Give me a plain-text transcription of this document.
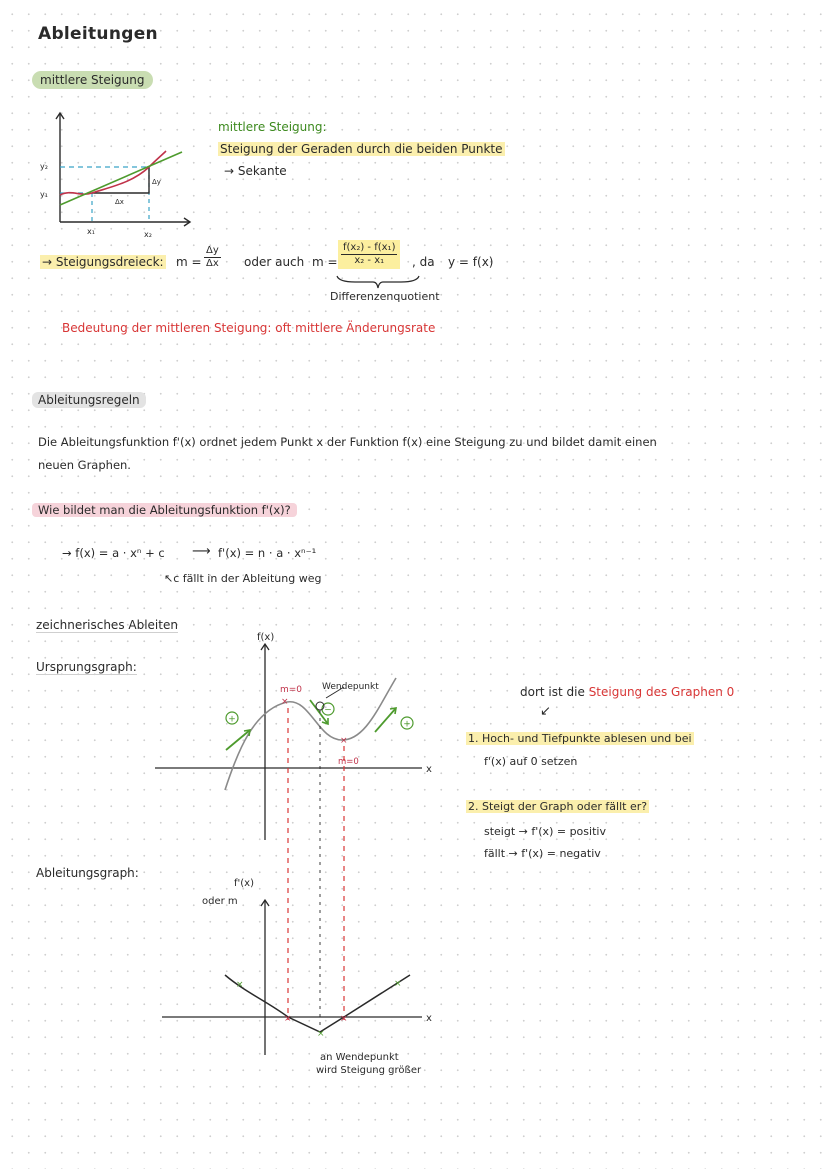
Ableitungen
mittlere Steigung
y₂
y₁
x₁	x₂
Δx
Δy
mittlere Steigung:
Steigung der Geraden durch die beiden Punkte
→ Sekante
→ Steigungsdreieck: $m = \frac{\Delta y}{\Delta x}$ oder auch $m = \frac{\text{f(x₂) - f(x₁)}}{\text{x₂ - x₁}}$ , da y = f(x)
Differenzenquotient
Bedeutung der mittleren Steigung: oft mittlere Änderungsrate
Ableitungsregeln
Die Ableitungsfunktion f'(x) ordnet jedem Punkt x der Funktion f(x) eine Steigung zu und bildet damit einen
neuen Graphen.
Wie bildet man die Ableitungsfunktion f'(x)?
→ f(x) = a · xⁿ + c ⟶ f'(x) = n · a · xⁿ⁻¹
↖c fällt in der Ableitung weg
zeichnerisches Ableiten
Ursprungsgraph:
Ableitungsgraph:
f(x)
x
×
×
+
−
+
m=0 Wendepunkt
m=0
x
f'(x)
oder m
×	×
×	×
×
an Wendepunkt
wird Steigung größer
dort ist die Steigung des Graphen 0
↙
1. Hoch- und Tiefpunkte ablesen und bei
f'(x) auf 0 setzen
2. Steigt der Graph oder fällt er?
steigt → f'(x) = positiv
fällt → f'(x) = negativ
